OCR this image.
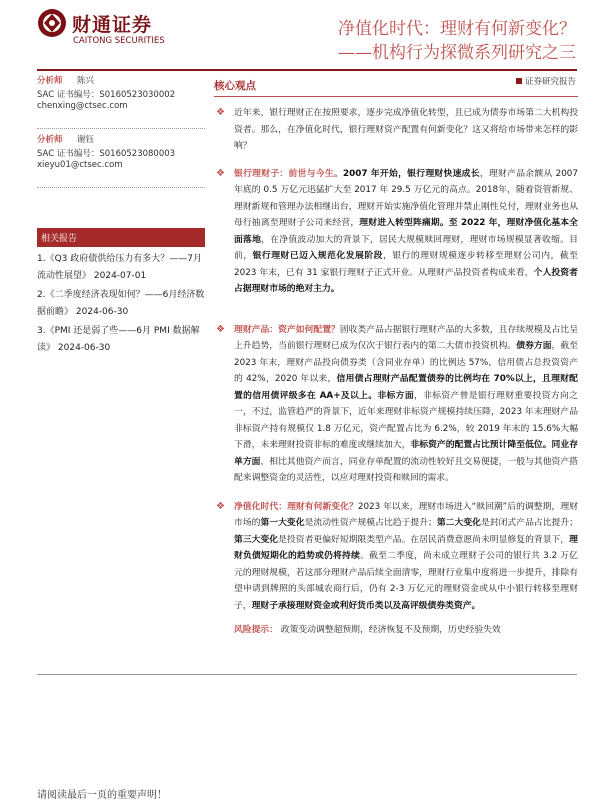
财通证券
CAITONG SECURITIES
净值化时代：理财有何新变化？
——机构行为探微系列研究之三
证券研究报告
分析师 陈兴
SAC 证书编号：S0160523030002
chenxing@ctsec.com
分析师 谢钰
SAC 证书编号：S0160523080003
xieyu01@ctsec.com
相关报告
1.《Q3 政府债供给压力有多大？——7月流动性展望》 2024-07-01
2.《二季度经济表现如何？——6月经济数据前瞻》 2024-06-30
3.《PMI 还是弱了些——6月 PMI 数据解读》 2024-06-30
核心观点
❖ 近年来，银行理财正在按照要求，逐步完成净值化转型，且已成为债券市场第二大机构投资者。那么，在净值化时代，银行理财资产配置有何新变化？这又将给市场带来怎样的影响？
❖ 银行理财子：前世与今生。2007 年开始，银行理财快速成长，理财产品余额从 2007 年底的 0.5 万亿元迅猛扩大至 2017 年 29.5 万亿元的高点。2018年，随着资管新规、理财新规和管理办法相继出台，理财开始实施净值化管理并禁止刚性兑付，理财业务也从母行抽离至理财子公司来经营，理财进入转型阵痛期。至 2022 年，理财净值化基本全面落地，在净值波动加大的背景下，居民大规模赎回理财，理财市场规模显著收缩。目前，银行理财已迈入规范化发展阶段，银行的理财规模逐步转移至理财公司内，截至 2023 年末，已有 31 家银行理财子正式开业。从理财产品投资者构成来看，个人投资者占据理财市场的绝对主力。
❖ 理财产品：资产如何配置？固收类产品占据银行理财产品的大多数，且存续规模及占比呈上升趋势，当前银行理财已成为仅次于银行表内的第二大债市投资机构。债券方面，截至 2023 年末，理财产品投向债券类（含同业存单）的比例达 57%，信用债占总投资资产的 42%，2020 年以来，信用债占理财产品配置债券的比例均在 70%以上，且理财配置的信用债评级多在 AA+及以上。非标方面，非标资产曾是银行理财重要投资方向之一，不过，监管趋严的背景下，近年来理财非标资产规模持续压降，2023 年末理财产品非标资产持有规模仅 1.8 万亿元，资产配置占比为 6.2%，较 2019 年末的 15.6%大幅下滑，未来理财投资非标的难度或继续加大，非标资产的配置占比预计降至低位。同业存单方面，相比其他资产而言，同业存单配置的流动性较好且交易便捷，一般与其他资产搭配来调整资金的灵活性，以应对理财投资和赎回的需求。
❖ 净值化时代：理财有何新变化？2023 年以来，理财市场进入“赎回潮”后的调整期，理财市场的第一大变化是流动性资产规模占比趋于提升；第二大变化是封闭式产品占比提升；第三大变化是投资者更偏好短期限类型产品。在居民消费意愿尚未明显修复的背景下，理财负债短期化的趋势或仍将持续。截至二季度，尚未成立理财子公司的银行共 3.2 万亿元的理财规模，若这部分理财产品后续全面清零，理财行业集中度将进一步提升，排除有望申请到牌照的头部城农商行后，仍有 2-3 万亿元的理财资金或从中小银行转移至理财子，理财子承接理财资金或利好货币类以及高评级债券类资产。
风险提示： 政策变动调整超预期，经济恢复不及预期，历史经验失效
请阅读最后一页的重要声明！
